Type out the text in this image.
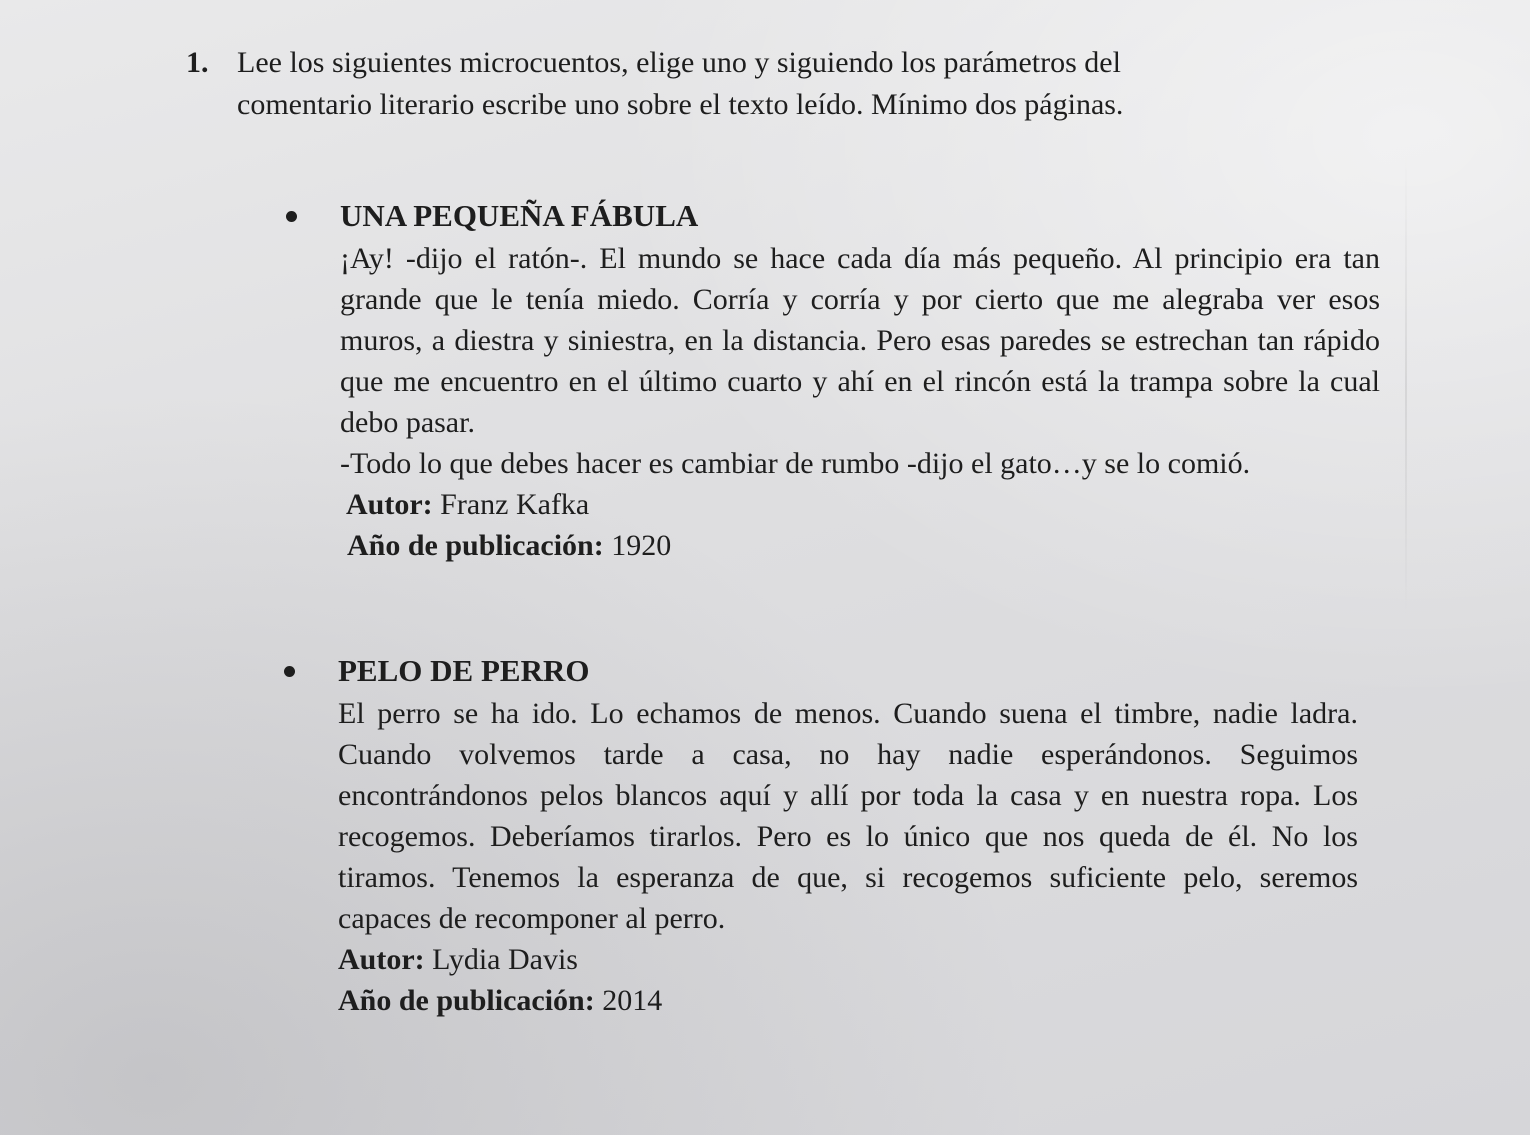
1. Lee los siguientes microcuentos, elige uno y siguiendo los parámetros del comentario literario escribe uno sobre el texto leído. Mínimo dos páginas.
UNA PEQUEÑA FÁBULA
¡Ay! -dijo el ratón-. El mundo se hace cada día más pequeño. Al principio era tan grande que le tenía miedo. Corría y corría y por cierto que me alegraba ver esos muros, a diestra y siniestra, en la distancia. Pero esas paredes se estrechan tan rápido que me encuentro en el último cuarto y ahí en el rincón está la trampa sobre la cual debo pasar.
-Todo lo que debes hacer es cambiar de rumbo -dijo el gato…y se lo comió.
Autor: Franz Kafka
Año de publicación: 1920
PELO DE PERRO
El perro se ha ido. Lo echamos de menos. Cuando suena el timbre, nadie ladra. Cuando volvemos tarde a casa, no hay nadie esperándonos. Seguimos encontrándonos pelos blancos aquí y allí por toda la casa y en nuestra ropa. Los recogemos. Deberíamos tirarlos. Pero es lo único que nos queda de él. No los tiramos. Tenemos la esperanza de que, si recogemos suficiente pelo, seremos capaces de recomponer al perro.
Autor: Lydia Davis
Año de publicación: 2014
